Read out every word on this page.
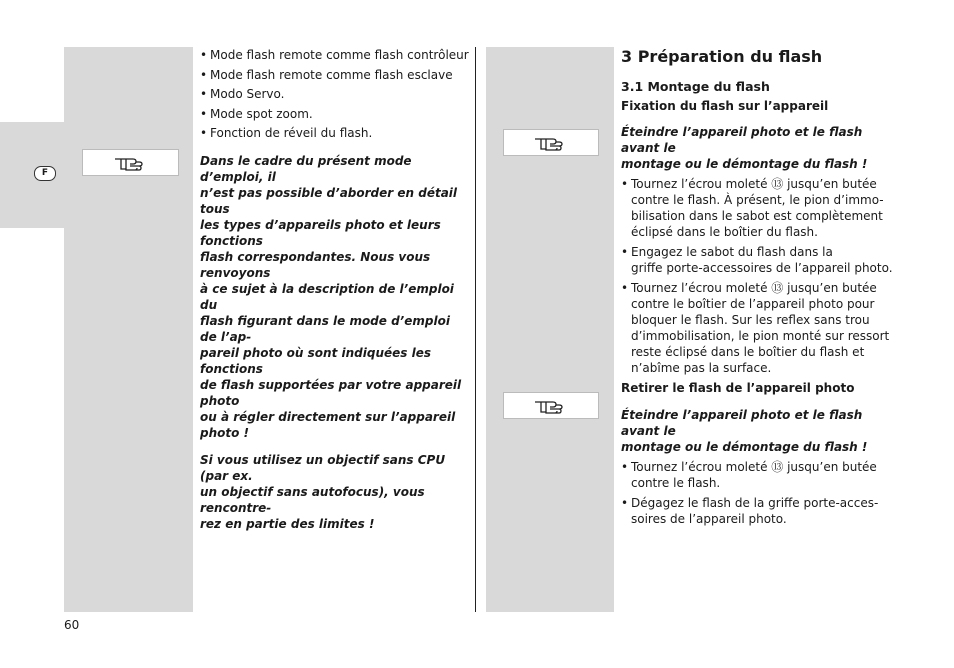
F
• Mode flash remote comme flash contrôleur
• Mode flash remote comme flash esclave
• Modo Servo.
• Mode spot zoom.
• Fonction de réveil du flash.
Dans le cadre du présent mode d’emploi, il
n’est pas possible d’aborder en détail tous
les types d’appareils photo et leurs fonctions
flash correspondantes. Nous vous renvoyons
à ce sujet à la description de l’emploi du
flash figurant dans le mode d’emploi de l’ap-
pareil photo où sont indiquées les fonctions
de flash supportées par votre appareil photo
ou à régler directement sur l’appareil photo !
Si vous utilisez un objectif sans CPU (par ex.
un objectif sans autofocus), vous rencontre-
rez en partie des limites !
3 Préparation du flash
3.1 Montage du flash
Fixation du flash sur l’appareil
Éteindre l’appareil photo et le flash avant le
montage ou le démontage du flash !
• Tournez l’écrou moleté ⑬ jusqu’en butée
contre le flash. À présent, le pion d’immo-
bilisation dans le sabot est complètement
éclipsé dans le boîtier du flash.
• Engagez le sabot du flash dans la
griffe porte-accessoires de l’appareil photo.
• Tournez l’écrou moleté ⑬ jusqu’en butée
contre le boîtier de l’appareil photo pour
bloquer le flash. Sur les reflex sans trou
d’immobilisation, le pion monté sur ressort
reste éclipsé dans le boîtier du flash et
n’abîme pas la surface.
Retirer le flash de l’appareil photo
Éteindre l’appareil photo et le flash avant le
montage ou le démontage du flash !
• Tournez l’écrou moleté ⑬ jusqu’en butée
contre le flash.
• Dégagez le flash de la griffe porte-acces-
soires de l’appareil photo.
60
